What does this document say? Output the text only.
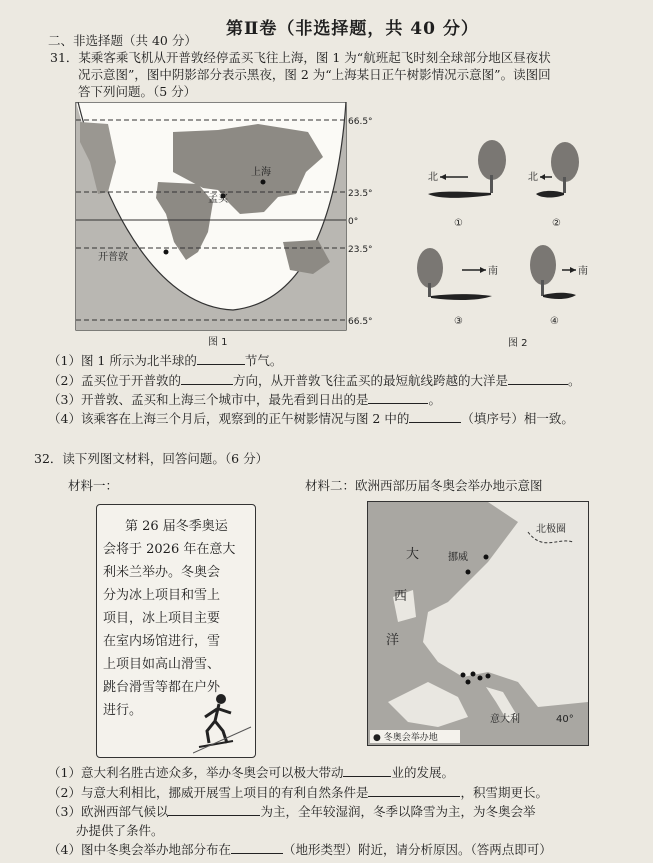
第Ⅱ卷（非选择题，共 40 分）
二、非选择题（共 40 分）
31．某乘客乘飞机从开普敦经停孟买飞往上海，图 1 为“航班起飞时刻全球部分地区昼夜状
况示意图”，图中阴影部分表示黑夜，图 2 为“上海某日正午树影情况示意图”。读图回
答下列问题。（5 分）
66.5°
23.5°
0°
23.5°
66.5°
上海
孟买
开普敦
图 1
北
①
北
②
南
③
南
④
图 2
（1）图 1 所示为北半球的	节气。
（2）孟买位于开普敦的	方向，从开普敦飞往孟买的最短航线跨越的大洋是	。
（3）开普敦、孟买和上海三个城市中，最先看到日出的是	。
（4）该乘客在上海三个月后，观察到的正午树影情况与图 2 中的	（填序号）相一致。
32．读下列图文材料，回答问题。（6 分）
材料一：	材料二：欧洲西部历届冬奥会举办地示意图
第 26 届冬季奥运
会将于 2026 年在意大
利米兰举办。冬奥会
分为冰上项目和雪上
项目，冰上项目主要
在室内场馆进行，雪
上项目如高山滑雪、
跳台滑雪等都在户外
进行。
大
西
洋
挪威
北极圈
意大利	40°
● 冬奥会举办地
（1）意大利名胜古迹众多，举办冬奥会可以极大带动	业的发展。
（2）与意大利相比，挪威开展雪上项目的有利自然条件是	，积雪期更长。
（3）欧洲西部气候以	为主，全年较湿润，冬季以降雪为主，为冬奥会举
办提供了条件。
（4）图中冬奥会举办地部分布在	（地形类型）附近，请分析原因。（答两点即可）
